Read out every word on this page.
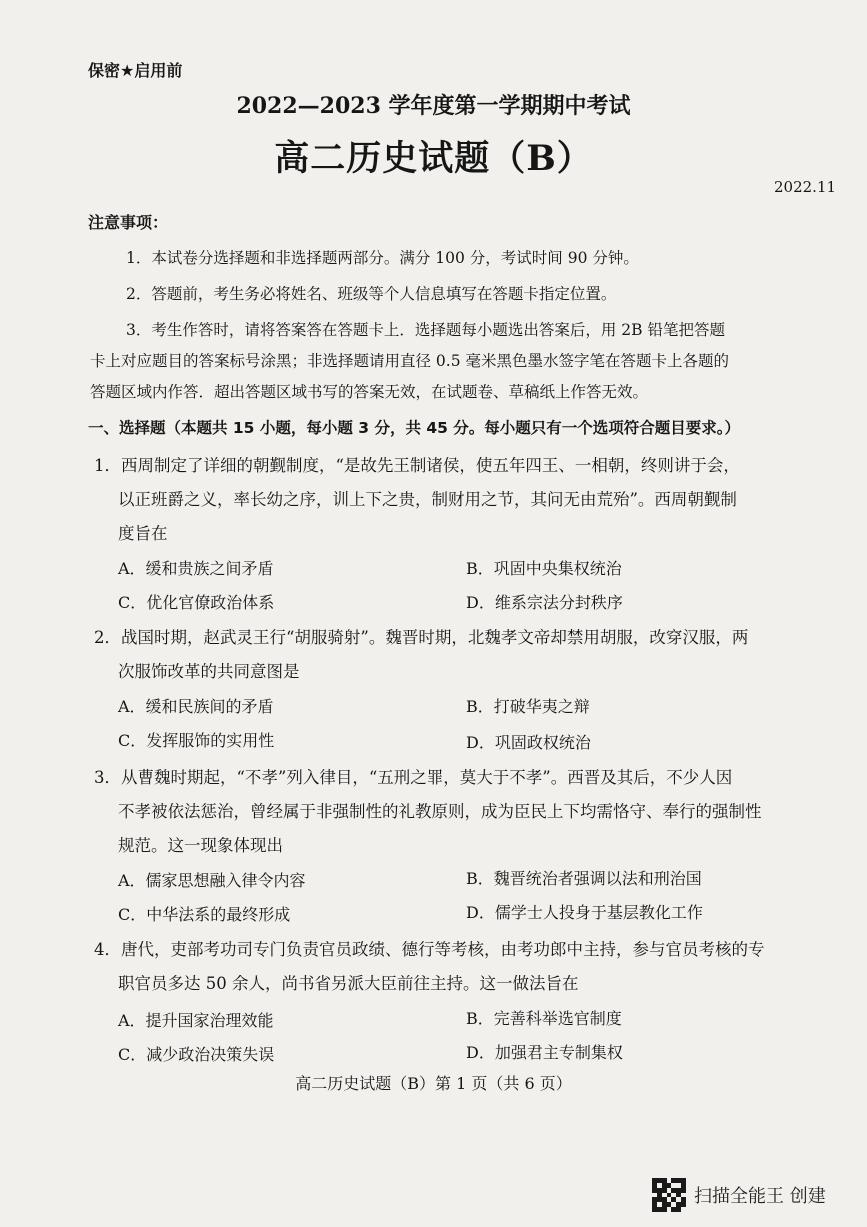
保密★启用前
2022—2023 学年度第一学期期中考试
高二历史试题（B）
2022.11
注意事项：
1．本试卷分选择题和非选择题两部分。满分 100 分，考试时间 90 分钟。
2．答题前，考生务必将姓名、班级等个人信息填写在答题卡指定位置。
3．考生作答时，请将答案答在答题卡上．选择题每小题选出答案后，用 2B 铅笔把答题
卡上对应题目的答案标号涂黑；非选择题请用直径 0.5 毫米黑色墨水签字笔在答题卡上各题的
答题区域内作答．超出答题区域书写的答案无效，在试题卷、草稿纸上作答无效。
一、选择题（本题共 15 小题，每小题 3 分，共 45 分。每小题只有一个选项符合题目要求。）
1．西周制定了详细的朝觐制度，“是故先王制诸侯，使五年四王、一相朝，终则讲于会，
以正班爵之义，率长幼之序，训上下之贵，制财用之节，其问无由荒殆”。西周朝觐制
度旨在
A．缓和贵族之间矛盾	B．巩固中央集权统治
C．优化官僚政治体系	D．维系宗法分封秩序
2．战国时期，赵武灵王行“胡服骑射”。魏晋时期，北魏孝文帝却禁用胡服，改穿汉服，两
次服饰改革的共同意图是
A．缓和民族间的矛盾	B．打破华夷之辩
C．发挥服饰的实用性	D．巩固政权统治
3．从曹魏时期起，“不孝”列入律目，“五刑之罪，莫大于不孝”。西晋及其后，不少人因
不孝被依法惩治，曾经属于非强制性的礼教原则，成为臣民上下均需恪守、奉行的强制性
规范。这一现象体现出
A．儒家思想融入律令内容	B．魏晋统治者强调以法和刑治国
C．中华法系的最终形成	D．儒学士人投身于基层教化工作
4．唐代，吏部考功司专门负责官员政绩、德行等考核，由考功郎中主持，参与官员考核的专
职官员多达 50 余人，尚书省另派大臣前往主持。这一做法旨在
A．提升国家治理效能	B．完善科举选官制度
C．减少政治决策失误	D．加强君主专制集权
高二历史试题（B）第 1 页（共 6 页）
扫描全能王 创建
